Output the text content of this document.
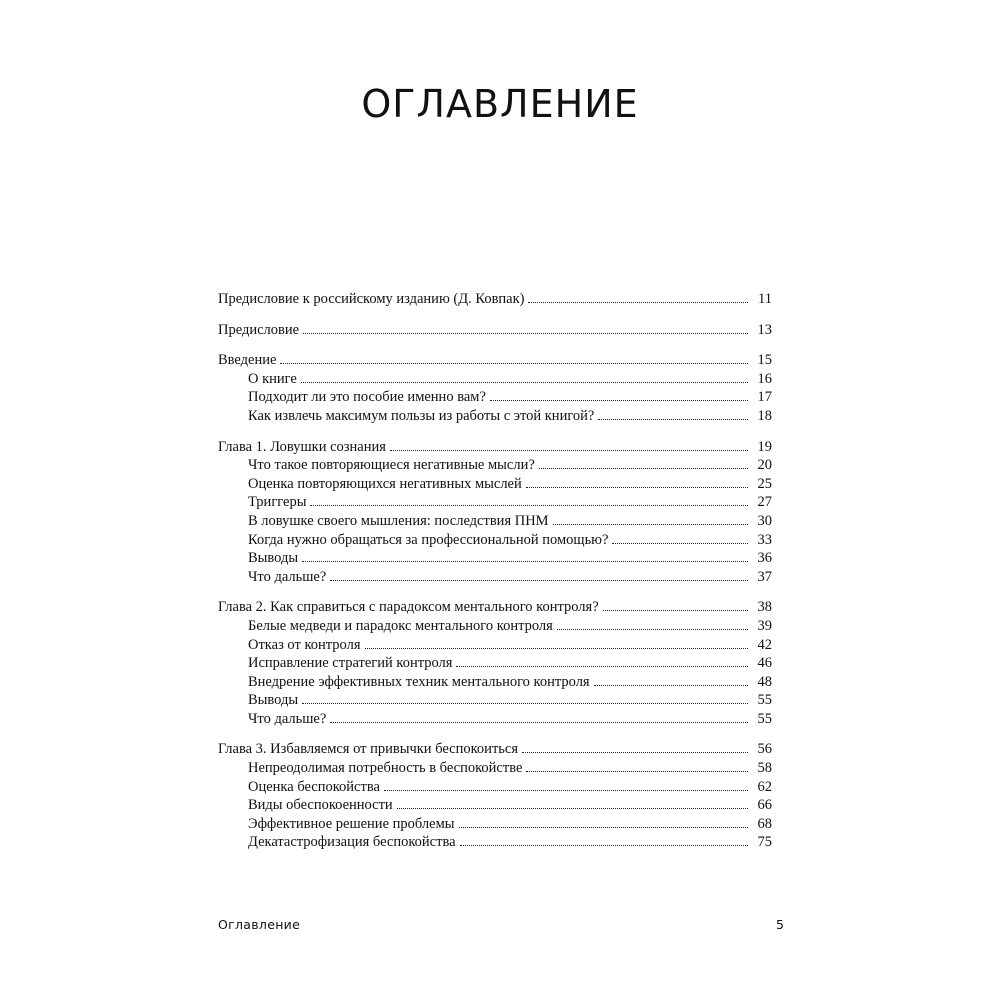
ОГЛАВЛЕНИЕ
Предисловие к российскому изданию (Д. Ковпак)	11
Предисловие	13
Введение	15
О книге	16
Подходит ли это пособие именно вам?	17
Как извлечь максимум пользы из работы с этой книгой?	18
Глава 1. Ловушки сознания	19
Что такое повторяющиеся негативные мысли?	20
Оценка повторяющихся негативных мыслей	25
Триггеры	27
В ловушке своего мышления: последствия ПНМ	30
Когда нужно обращаться за профессиональной помощью?	33
Выводы	36
Что дальше?	37
Глава 2. Как справиться с парадоксом ментального контроля?	38
Белые медведи и парадокс ментального контроля	39
Отказ от контроля	42
Исправление стратегий контроля	46
Внедрение эффективных техник ментального контроля	48
Выводы	55
Что дальше?	55
Глава 3. Избавляемся от привычки беспокоиться	56
Непреодолимая потребность в беспокойстве	58
Оценка беспокойства	62
Виды обеспокоенности	66
Эффективное решение проблемы	68
Декатастрофизация беспокойства	75
Оглавление	5
